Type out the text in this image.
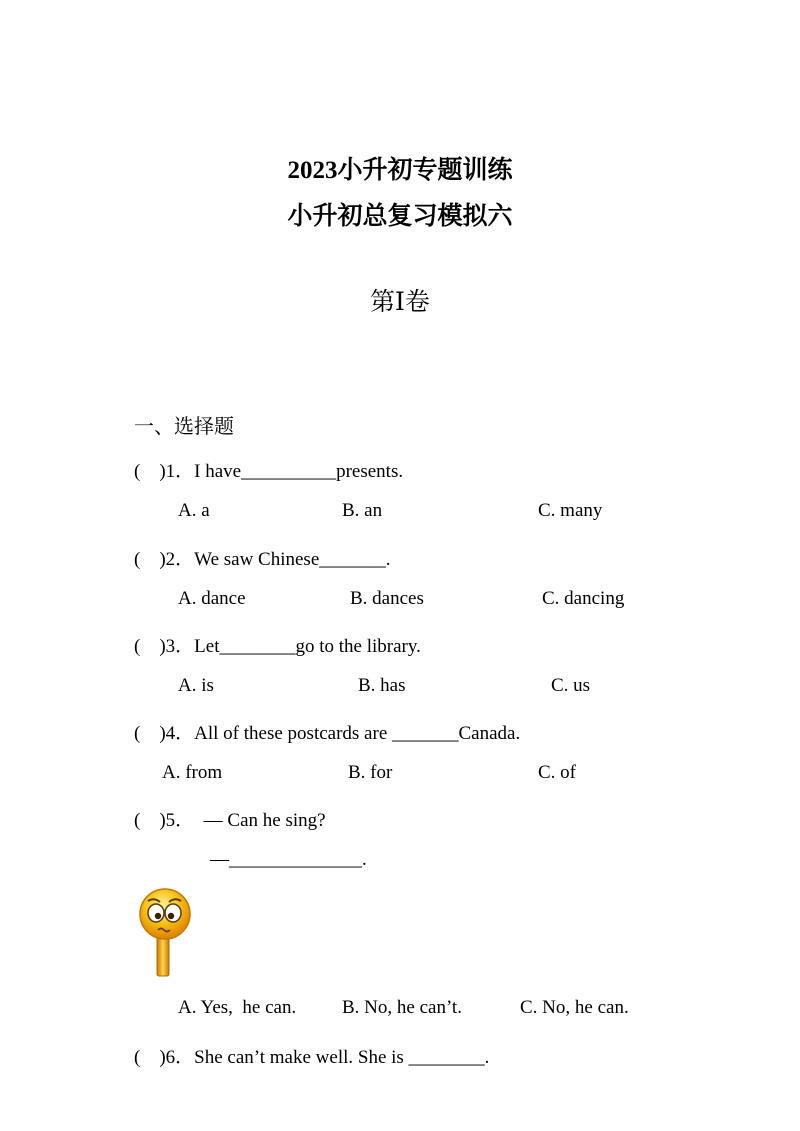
2023小升初专题训练
小升初总复习模拟六
第Ⅰ卷
一、选择题
(    )1．I have__________presents.
A. a	B. an	C. many
(    )2．We saw Chinese_______.
A. dance	B. dances	C. dancing
(    )3．Let________go to the library.
A. is	B. has	C. us
(    )4．All of these postcards are _______Canada.
A. from	B. for	C. of
(    )5．  — Can he sing?
—______________.
A. Yes,  he can. B. No, he can’t.	C. No, he can.
(    )6．She can’t make well. She is ________.
